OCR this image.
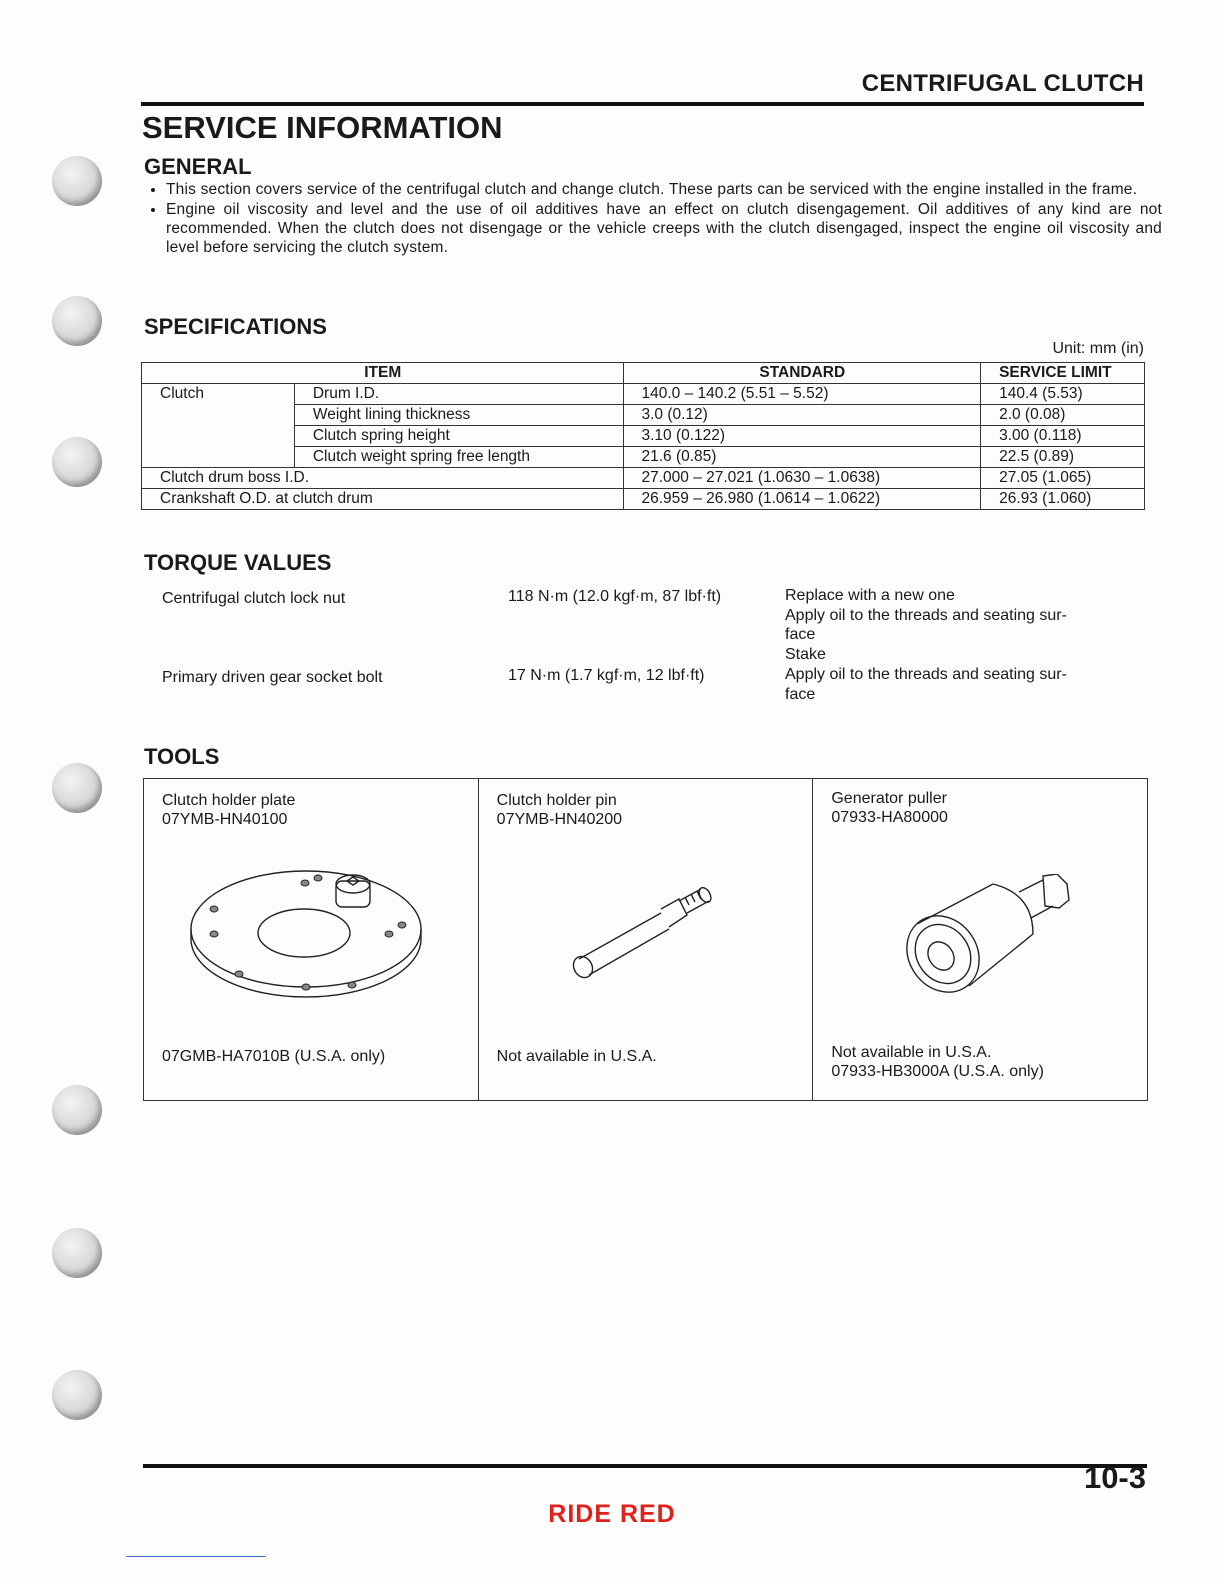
CENTRIFUGAL CLUTCH
SERVICE INFORMATION
GENERAL
• This section covers service of the centrifugal clutch and change clutch. These parts can be serviced with the engine installed in the frame.
• Engine oil viscosity and level and the use of oil additives have an effect on clutch disengagement. Oil additives of any kind are not recommended. When the clutch does not disengage or the vehicle creeps with the clutch disengaged, inspect the engine oil viscosity and level before servicing the clutch system.
SPECIFICATIONS
Unit: mm (in)
ITEM		STANDARD	SERVICE LIMIT
Clutch	Drum I.D.	140.0 – 140.2 (5.51 – 5.52)	140.4 (5.53)
	Weight lining thickness	3.0 (0.12)	2.0 (0.08)
	Clutch spring height	3.10 (0.122)	3.00 (0.118)
	Clutch weight spring free length	21.6 (0.85)	22.5 (0.89)
Clutch drum boss I.D.		27.000 – 27.021 (1.0630 – 1.0638)	27.05 (1.065)
Crankshaft O.D. at clutch drum		26.959 – 26.980 (1.0614 – 1.0622)	26.93 (1.060)
TORQUE VALUES
Centrifugal clutch lock nut	118 N·m (12.0 kgf·m, 87 lbf·ft)	Replace with a new one
Apply oil to the threads and seating sur-
face
Stake
Primary driven gear socket bolt	17 N·m (1.7 kgf·m, 12 lbf·ft)	Apply oil to the threads and seating sur-
face
TOOLS
Clutch holder plate
07YMB-HN40100
07GMB-HA7010B (U.S.A. only)
Clutch holder pin
07YMB-HN40200
Not available in U.S.A.
Generator puller
07933-HA80000
Not available in U.S.A.
07933-HB3000A (U.S.A. only)
10-3
RIDE RED
